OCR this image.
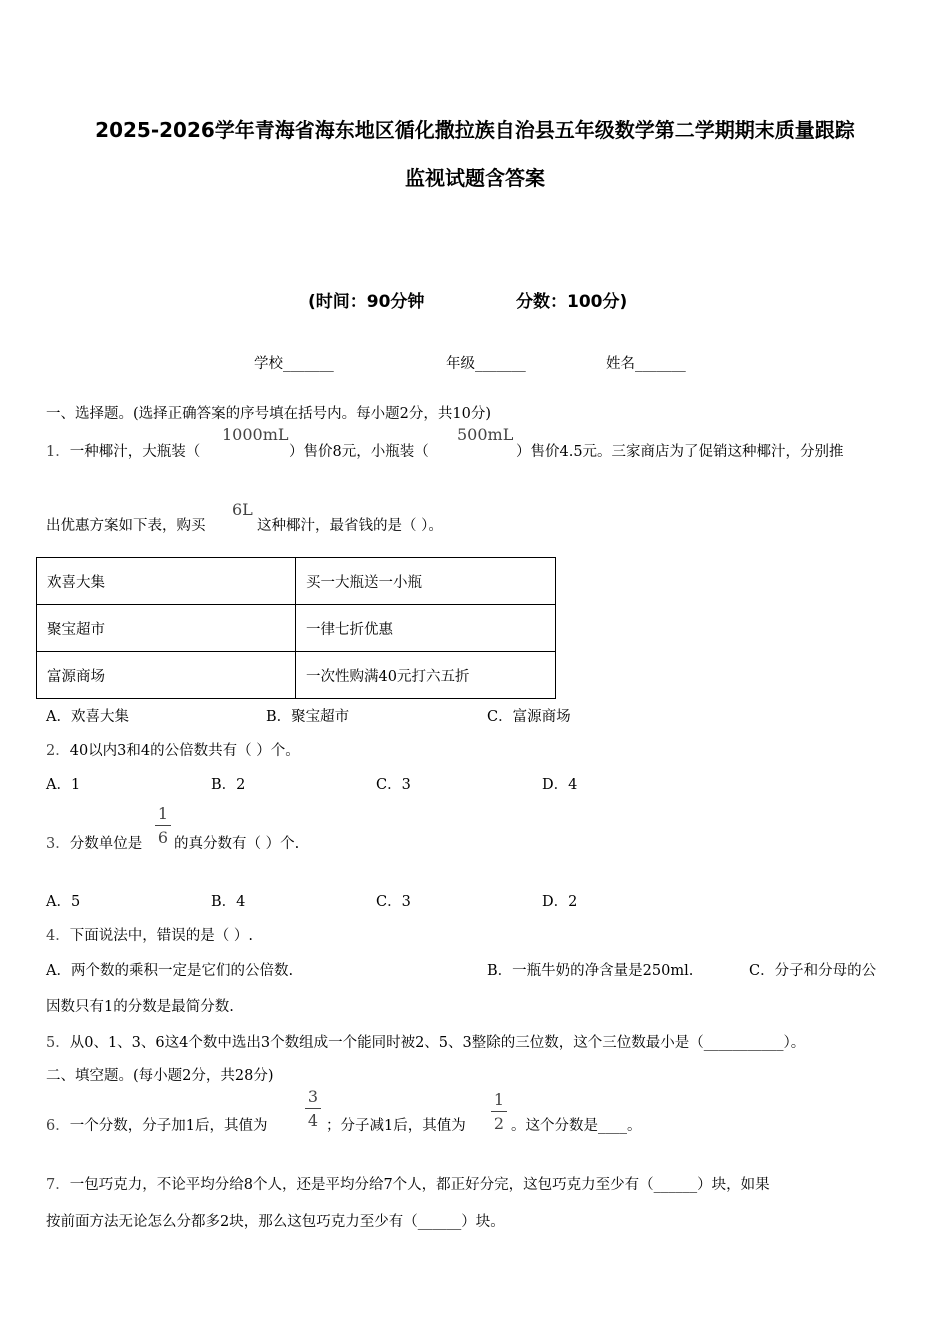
2025-2026学年青海省海东地区循化撒拉族自治县五年级数学第二学期期末质量跟踪
监视试题含答案
(时间：90分钟	分数：100分)
学校_______	年级_______	姓名_______
一、选择题。(选择正确答案的序号填在括号内。每小题2分，共10分)
1．一种椰汁，大瓶装（
1000mL
）售价8元，小瓶装（
500mL
）售价4.5元。三家商店为了促销这种椰汁，分别推
出优惠方案如下表，购买
6L
这种椰汁，最省钱的是（ ）。
欢喜大集	买一大瓶送一小瓶
聚宝超市	一律七折优惠
富源商场	一次性购满40元打六五折
A．欢喜大集	B．聚宝超市	C．富源商场
2．40以内3和4的公倍数共有（ ）个。
A．1	B．2	C．3	D．4
3．分数单位是
1
6 的真分数有（ ）个.
A．5	B．4	C．3	D．2
4．下面说法中，错误的是（ ）.
A．两个数的乘积一定是它们的公倍数.	B．一瓶牛奶的净含量是250ml.	C．分子和分母的公
因数只有1的分数是最简分数.
5．从0、1、3、6这4个数中选出3个数组成一个能同时被2、5、3整除的三位数，这个三位数最小是（___________）。
二、填空题。(每小题2分，共28分)
6．一个分数，分子加1后，其值为
3
4 ；分子减1后，其值为
1
2 。这个分数是____。
7．一包巧克力，不论平均分给8个人，还是平均分给7个人，都正好分完，这包巧克力至少有（______）块，如果
按前面方法无论怎么分都多2块，那么这包巧克力至少有（______）块。
